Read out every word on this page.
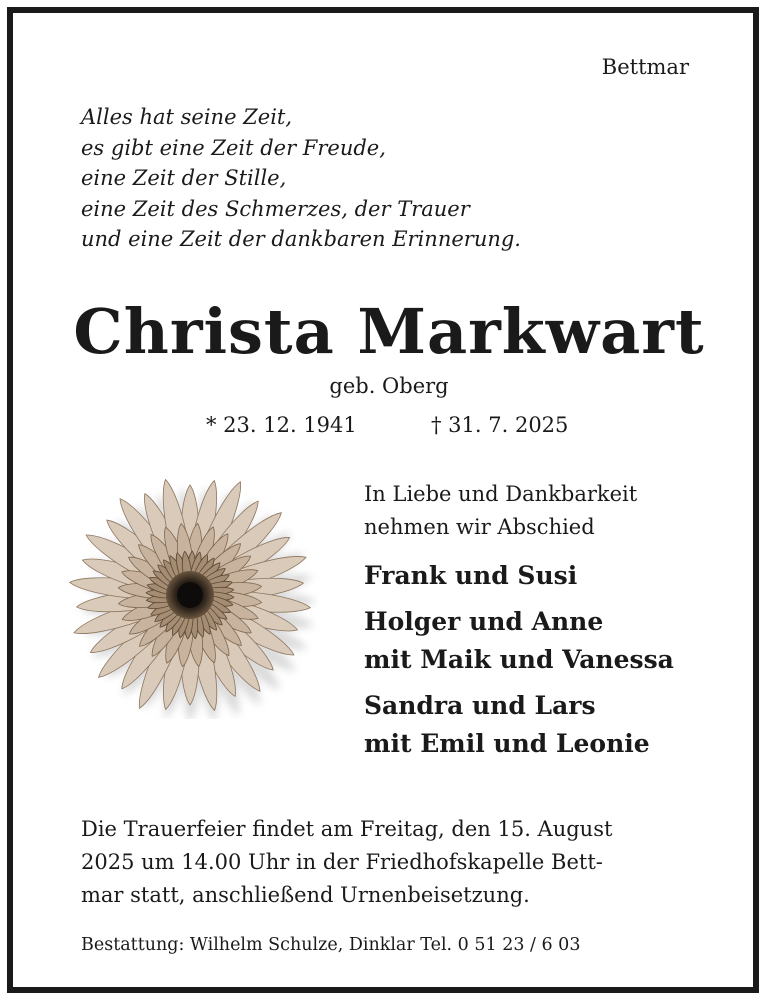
Bettmar
Alles hat seine Zeit,
es gibt eine Zeit der Freude,
eine Zeit der Stille,
eine Zeit des Schmerzes, der Trauer
und eine Zeit der dankbaren Erinnerung.
Christa Markwart
geb. Oberg
* 23. 12. 1941	† 31. 7. 2025
In Liebe und Dankbarkeit
nehmen wir Abschied
Frank und Susi
Holger und Anne
mit Maik und Vanessa
Sandra und Lars
mit Emil und Leonie
Die Trauerfeier findet am Freitag, den 15. August
2025 um 14.00 Uhr in der Friedhofskapelle Bett-
mar statt, anschließend Urnenbeisetzung.
Bestattung: Wilhelm Schulze, Dinklar Tel. 0 51 23 / 6 03
